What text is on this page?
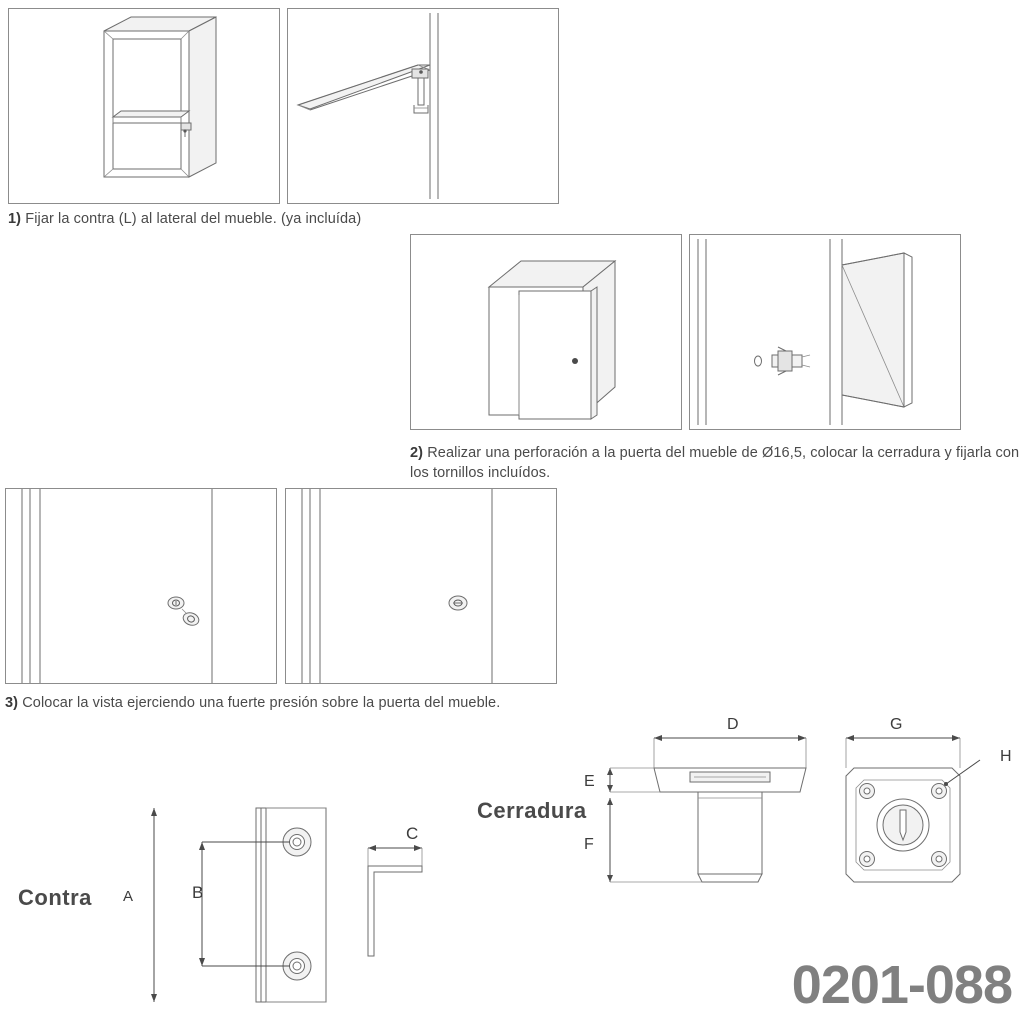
1) Fijar la contra (L) al lateral del mueble. (ya incluída)
2) Realizar una perforación a la puerta del mueble de Ø16,5, colocar la cerradura y fijarla con los tornillos incluídos.
3) Colocar la vista ejerciendo una fuerte presión sobre la puerta del mueble.
Contra A	B
C
Cerradura
D
E
F
G
H
0201-088
